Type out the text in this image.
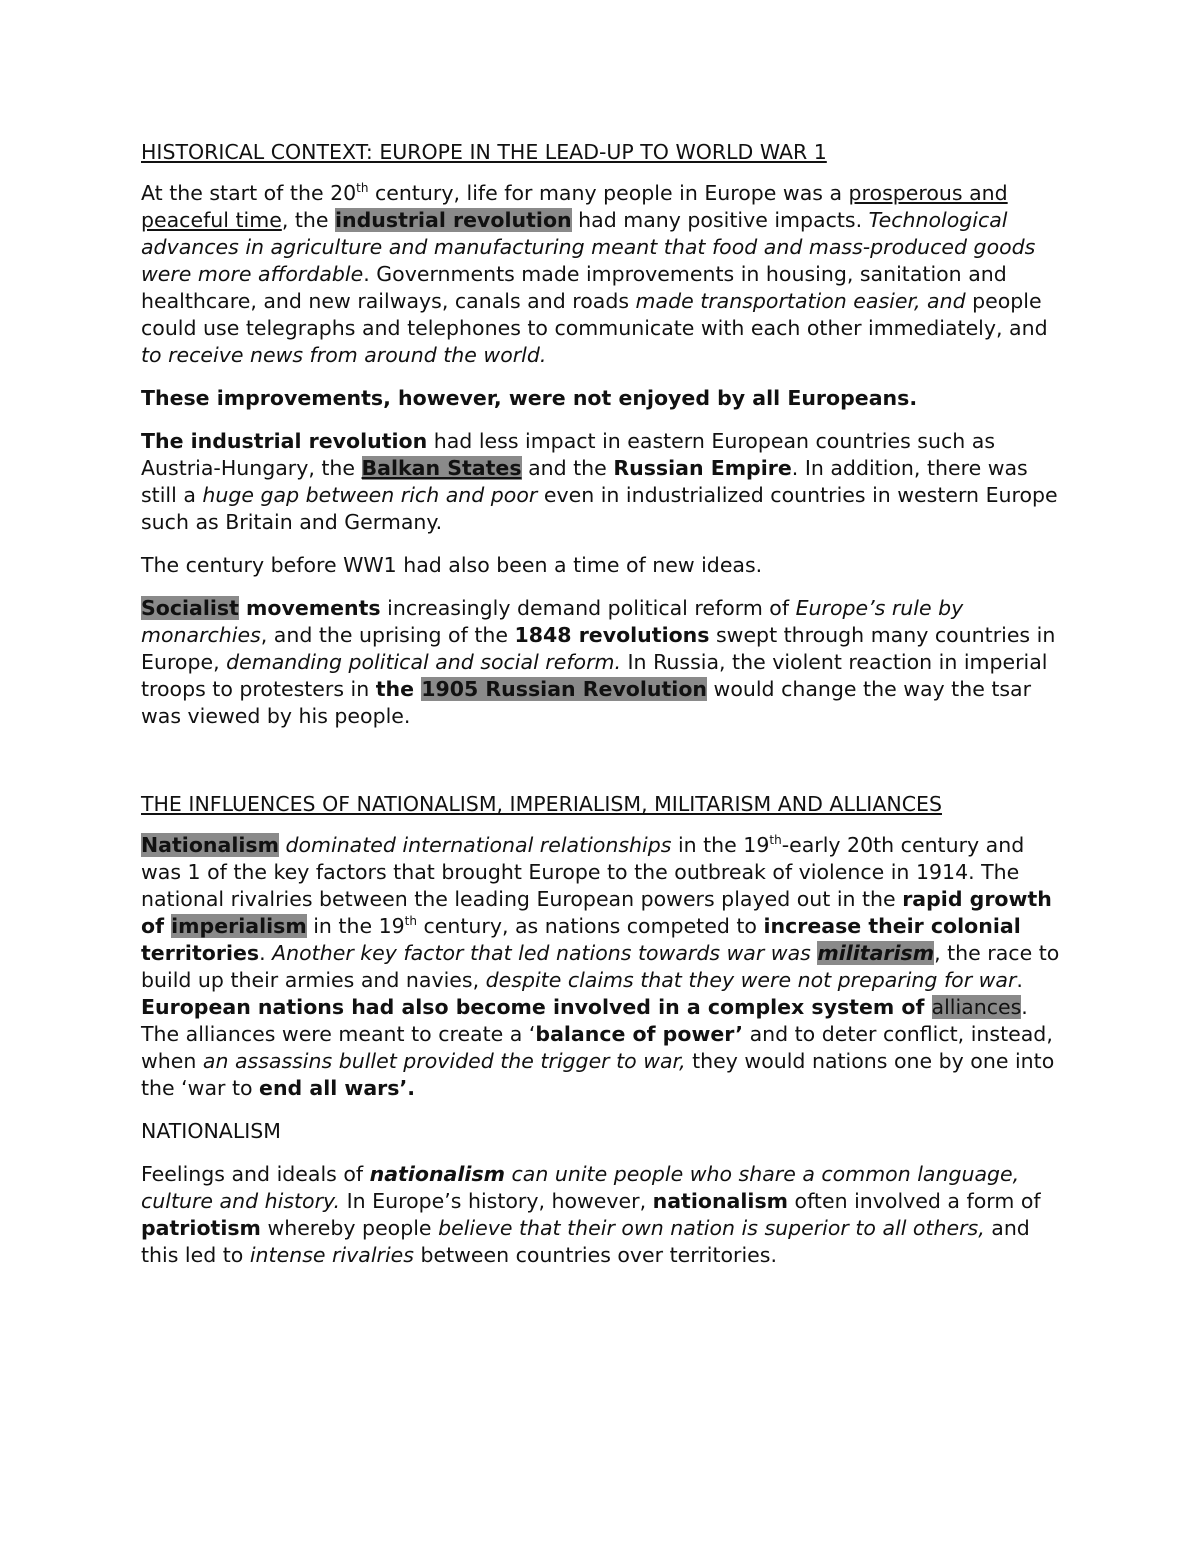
HISTORICAL CONTEXT: EUROPE IN THE LEAD-UP TO WORLD WAR 1

At the start of the 20th century, life for many people in Europe was a prosperous and peaceful time, the industrial revolution had many positive impacts. Technological advances in agriculture and manufacturing meant that food and mass-produced goods were more affordable. Governments made improvements in housing, sanitation and healthcare, and new railways, canals and roads made transportation easier, and people could use telegraphs and telephones to communicate with each other immediately, and to receive news from around the world.

These improvements, however, were not enjoyed by all Europeans.

The industrial revolution had less impact in eastern European countries such as Austria-Hungary, the Balkan States and the Russian Empire. In addition, there was still a huge gap between rich and poor even in industrialized countries in western Europe such as Britain and Germany.

The century before WW1 had also been a time of new ideas.

Socialist movements increasingly demand political reform of Europe’s rule by monarchies, and the uprising of the 1848 revolutions swept through many countries in Europe, demanding political and social reform. In Russia, the violent reaction in imperial troops to protesters in the 1905 Russian Revolution would change the way the tsar was viewed by his people.

THE INFLUENCES OF NATIONALISM, IMPERIALISM, MILITARISM AND ALLIANCES

Nationalism dominated international relationships in the 19th-early 20th century and was 1 of the key factors that brought Europe to the outbreak of violence in 1914. The national rivalries between the leading European powers played out in the rapid growth of imperialism in the 19th century, as nations competed to increase their colonial territories. Another key factor that led nations towards war was militarism, the race to build up their armies and navies, despite claims that they were not preparing for war. European nations had also become involved in a complex system of alliances. The alliances were meant to create a ‘balance of power’ and to deter conflict, instead, when an assassins bullet provided the trigger to war, they would nations one by one into the ‘war to end all wars’.

NATIONALISM

Feelings and ideals of nationalism can unite people who share a common language, culture and history. In Europe’s history, however, nationalism often involved a form of patriotism whereby people believe that their own nation is superior to all others, and this led to intense rivalries between countries over territories.
